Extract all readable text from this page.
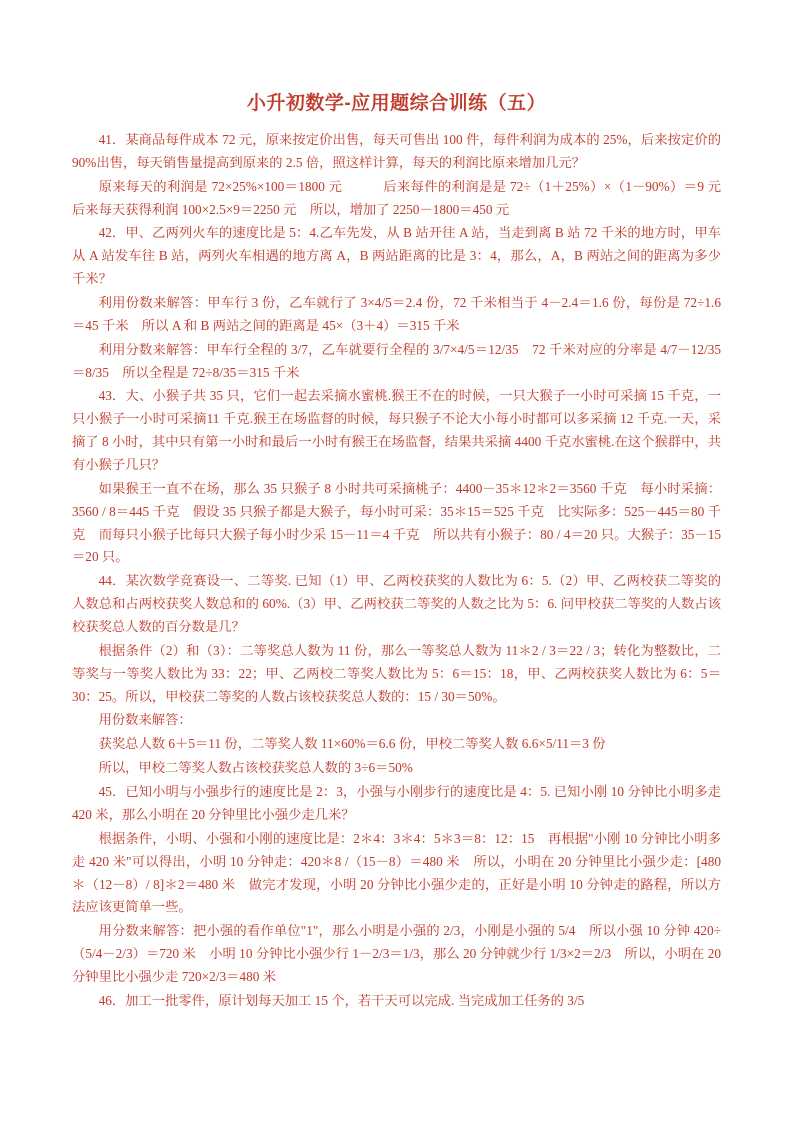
小升初数学-应用题综合训练（五）

41．某商品每件成本 72 元，原来按定价出售，每天可售出 100 件，每件利润为成本的 25%，后来按定价的 90%出售，每天销售量提高到原来的 2.5 倍，照这样计算，每天的利润比原来增加几元？

原来每天的利润是 72×25%×100＝1800 元　　　后来每件的利润是是 72÷（1＋25%）×（1－90%）＝9 元　　　后来每天获得利润 100×2.5×9＝2250 元　所以，增加了 2250－1800＝450 元

42．甲、乙两列火车的速度比是 5：4.乙车先发，从 B 站开往 A 站，当走到离 B 站 72 千米的地方时，甲车从 A 站发车往 B 站，两列火车相遇的地方离 A，B 两站距离的比是 3：4，那么，A，B 两站之间的距离为多少千米？

利用份数来解答：甲车行 3 份，乙车就行了 3×4/5＝2.4 份，72 千米相当于 4－2.4＝1.6 份，每份是 72÷1.6＝45 千米　所以 A 和 B 两站之间的距离是 45×（3＋4）＝315 千米

利用分数来解答：甲车行全程的 3/7，乙车就要行全程的 3/7×4/5＝12/35　72 千米对应的分率是 4/7－12/35＝8/35　所以全程是 72÷8/35＝315 千米

43．大、小猴子共 35 只，它们一起去采摘水蜜桃.猴王不在的时候，一只大猴子一小时可采摘 15 千克，一只小猴子一小时可采摘11 千克.猴王在场监督的时候，每只猴子不论大小每小时都可以多采摘 12 千克.一天，采摘了 8 小时，其中只有第一小时和最后一小时有猴王在场监督，结果共采摘 4400 千克水蜜桃.在这个猴群中，共有小猴子几只？

如果猴王一直不在场，那么 35 只猴子 8 小时共可采摘桃子：4400－35＊12＊2＝3560 千克　每小时采摘：3560 / 8＝445 千克　假设 35 只猴子都是大猴子，每小时可采：35＊15＝525 千克　比实际多：525－445＝80 千克　而每只小猴子比每只大猴子每小时少采 15－11＝4 千克　所以共有小猴子：80 / 4＝20 只。大猴子：35－15＝20 只。

44．某次数学竞赛设一、二等奖. 已知（1）甲、乙两校获奖的人数比为 6：5.（2）甲、乙两校获二等奖的人数总和占两校获奖人数总和的 60%.（3）甲、乙两校获二等奖的人数之比为 5：6. 问甲校获二等奖的人数占该校获奖总人数的百分数是几？

根据条件（2）和（3）：二等奖总人数为 11 份，那么一等奖总人数为 11＊2 / 3＝22 / 3；转化为整数比，二等奖与一等奖人数比为 33：22；甲、乙两校二等奖人数比为 5：6＝15：18，甲、乙两校获奖人数比为 6：5＝30：25。所以，甲校获二等奖的人数占该校获奖总人数的：15 / 30＝50%。

用份数来解答：

获奖总人数 6＋5＝11 份，二等奖人数 11×60%＝6.6 份，甲校二等奖人数 6.6×5/11＝3 份

所以，甲校二等奖人数占该校获奖总人数的 3÷6＝50%

45．已知小明与小强步行的速度比是 2：3，小强与小刚步行的速度比是 4：5. 已知小刚 10 分钟比小明多走 420 米，那么小明在 20 分钟里比小强少走几米？

根据条件，小明、小强和小刚的速度比是：2＊4：3＊4：5＊3＝8：12：15　再根据"小刚 10 分钟比小明多走 420 米"可以得出，小明 10 分钟走：420＊8 /（15－8）＝480 米　所以，小明在 20 分钟里比小强少走：[480＊（12－8）/ 8]＊2＝480 米　做完才发现，小明 20 分钟比小强少走的，正好是小明 10 分钟走的路程，所以方法应该更简单一些。

用分数来解答：把小强的看作单位"1"，那么小明是小强的 2/3，小刚是小强的 5/4　所以小强 10 分钟 420÷（5/4－2/3）＝720 米　小明 10 分钟比小强少行 1－2/3＝1/3，那么 20 分钟就少行 1/3×2＝2/3　所以，小明在 20 分钟里比小强少走 720×2/3＝480 米

46．加工一批零件，原计划每天加工 15 个，若干天可以完成. 当完成加工任务的 3/5
